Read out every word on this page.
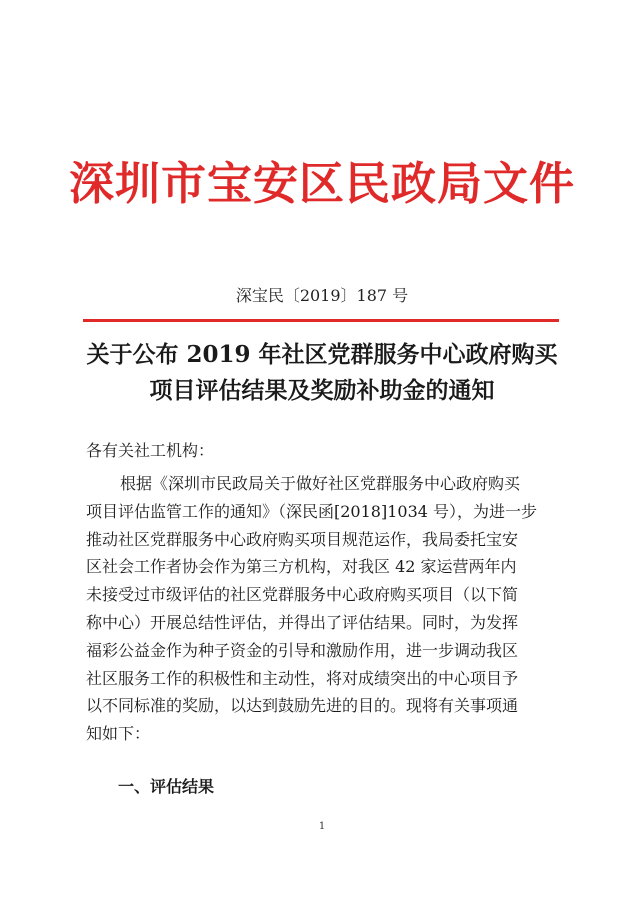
深圳市宝安区民政局文件
深宝民〔2019〕187 号
关于公布 2019 年社区党群服务中心政府购买
项目评估结果及奖励补助金的通知
各有关社工机构：
根据《深圳市民政局关于做好社区党群服务中心政府购买
项目评估监管工作的通知》（深民函[2018]1034 号），为进一步
推动社区党群服务中心政府购买项目规范运作，我局委托宝安
区社会工作者协会作为第三方机构，对我区 42 家运营两年内
未接受过市级评估的社区党群服务中心政府购买项目（以下简
称中心）开展总结性评估，并得出了评估结果。同时，为发挥
福彩公益金作为种子资金的引导和激励作用，进一步调动我区
社区服务工作的积极性和主动性，将对成绩突出的中心项目予
以不同标准的奖励，以达到鼓励先进的目的。现将有关事项通
知如下：
一、评估结果
1
